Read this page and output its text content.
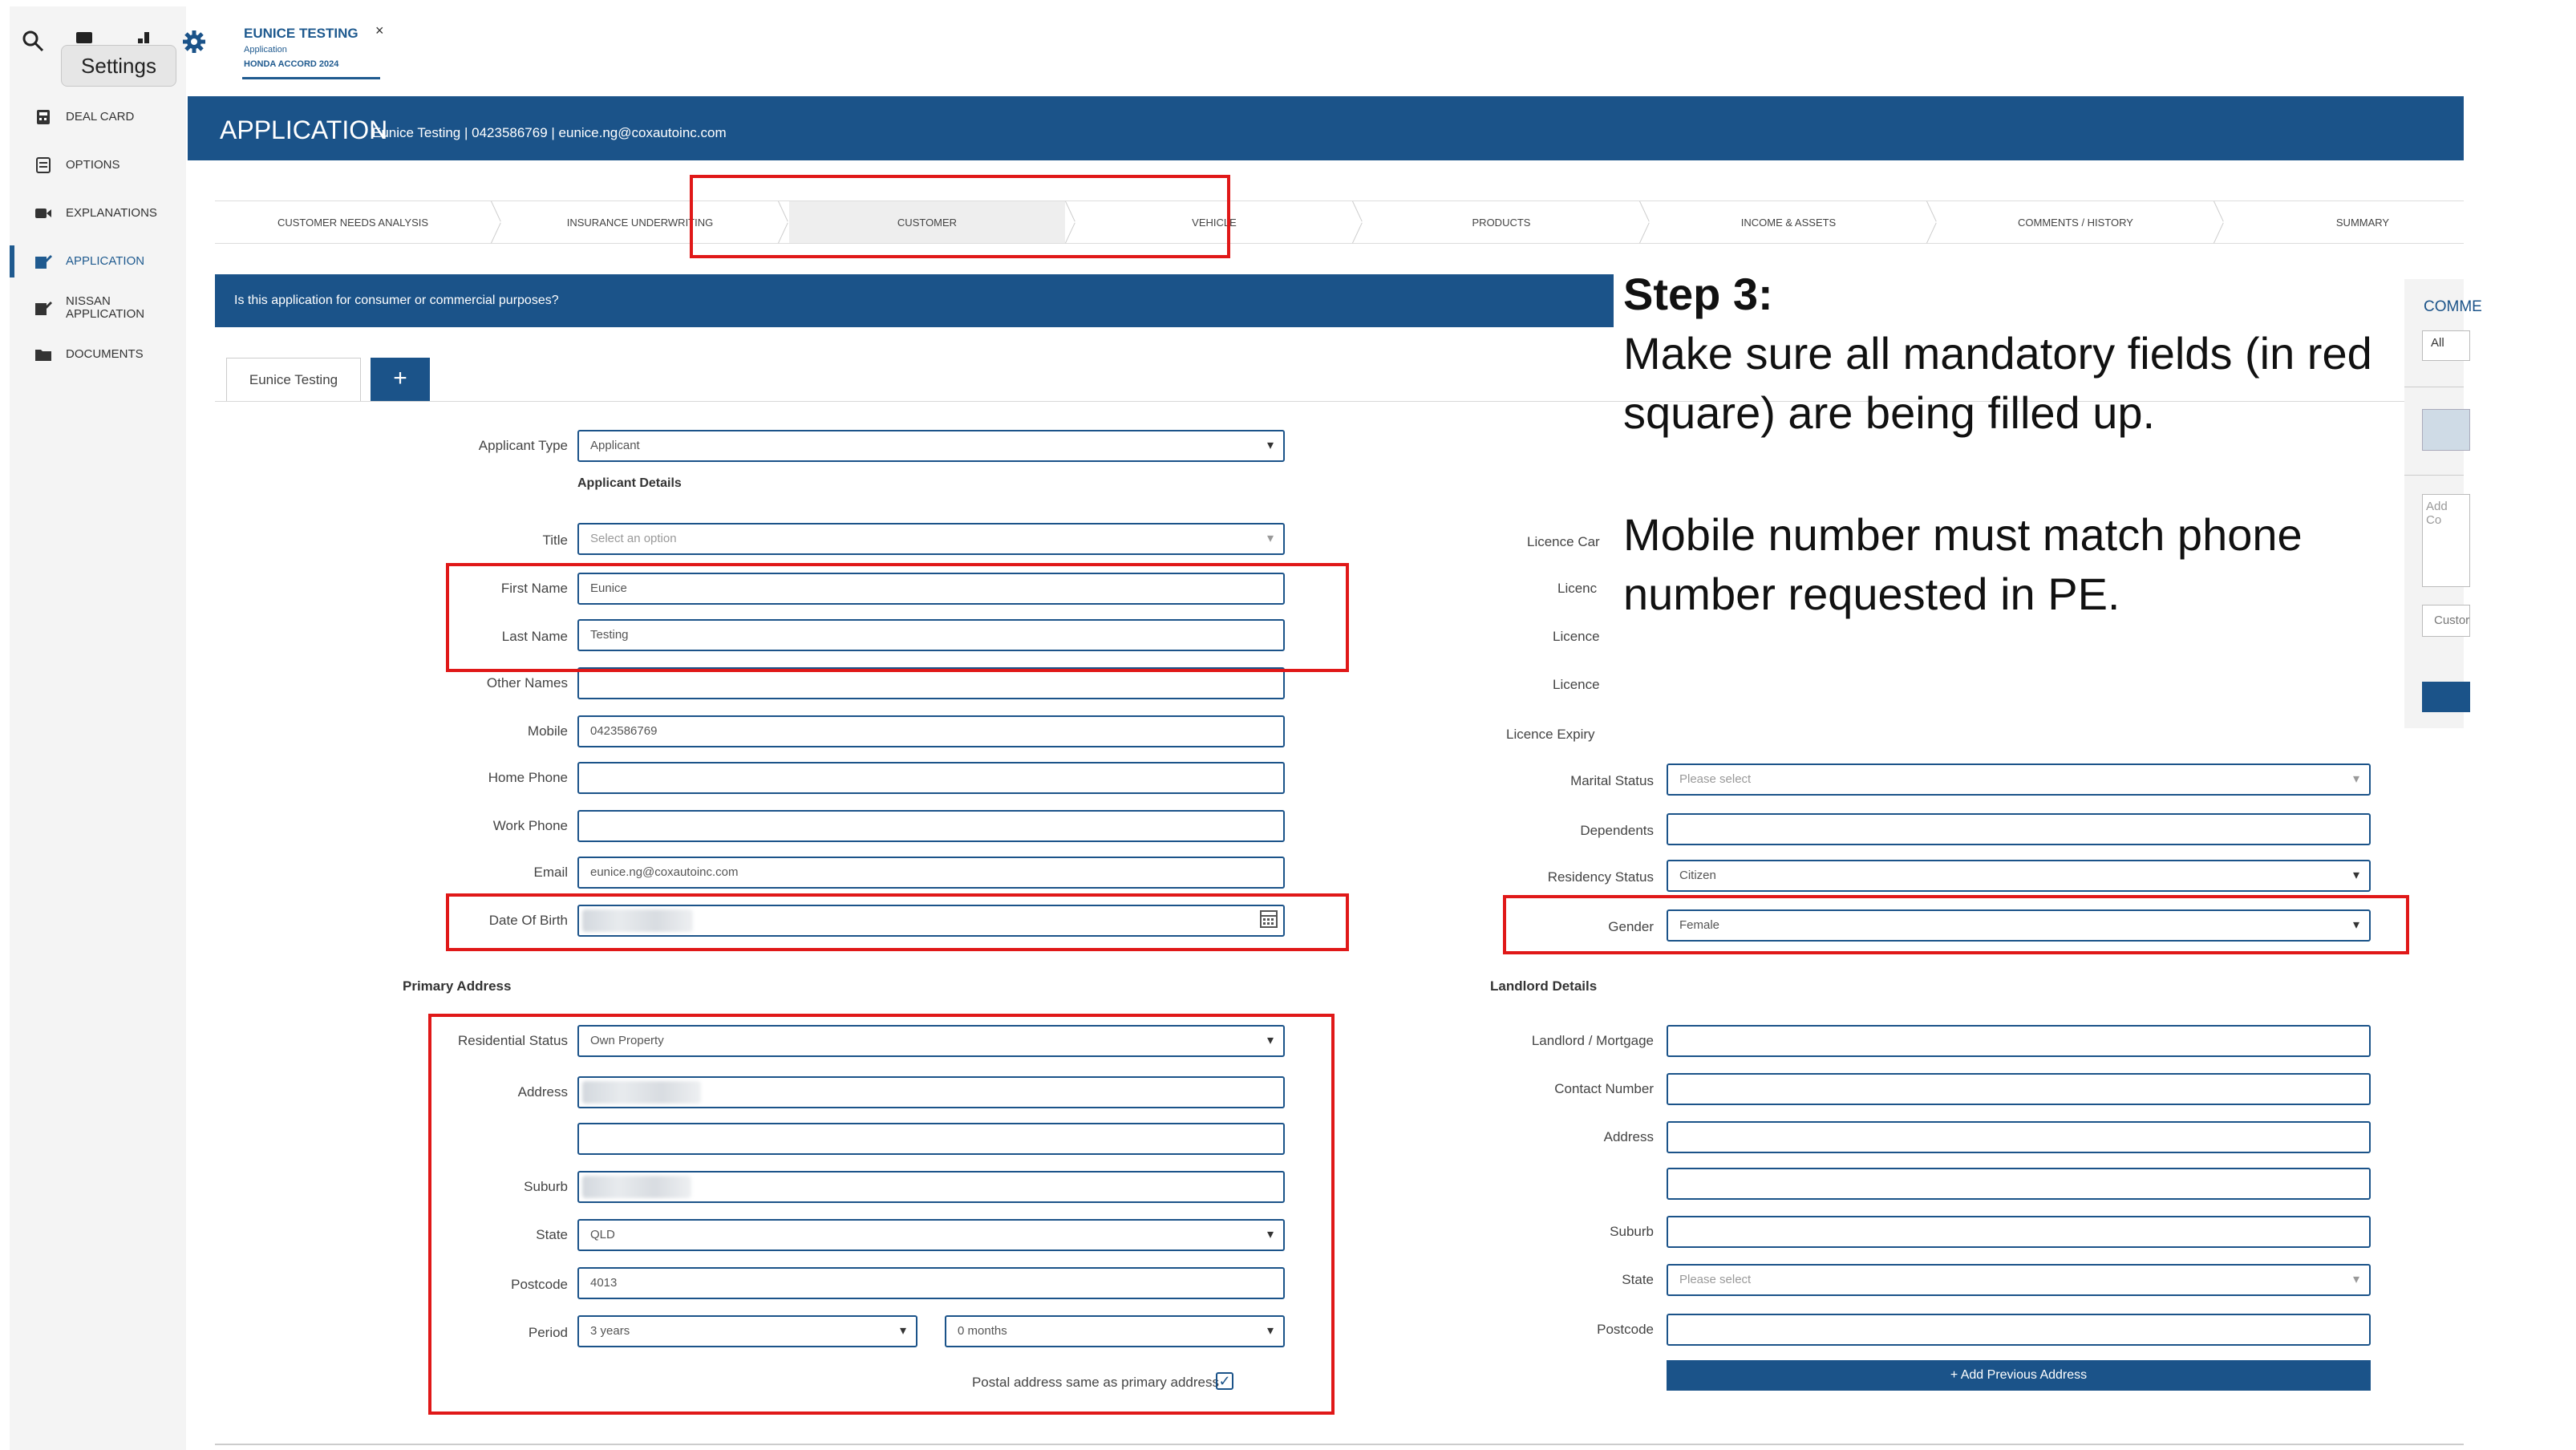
Settings
DEAL CARD
OPTIONS
EXPLANATIONS
APPLICATION
NISSAN APPLICATION
DOCUMENTS
EUNICE TESTING ×
Application
HONDA ACCORD 2024
APPLICATION
Eunice Testing | 0423586769 | eunice.ng@coxautoinc.com
CUSTOMER NEEDS ANALYSIS	INSURANCE UNDERWRITING	CUSTOMER	VEHICLE	PRODUCTS	INCOME & ASSETS	COMMENTS / HISTORY	SUMMARY
Is this application for consumer or commercial purposes?
Eunice Testing	+
Applicant Type	Applicant ▾
Applicant Details
Title	Select an option ▾
First Name	Eunice
Last Name	Testing
Other Names
Mobile	0423586769
Home Phone
Work Phone
Email	eunice.ng@coxautoinc.com
Date Of Birth
Primary Address
Residential Status	Own Property ▾
Address
Suburb
State	QLD ▾
Postcode	4013
Period	3 years ▾	0 months ▾
Postal address same as primary address ✓
Licence Car
Licenc
Licence
Licence
Licence Expiry
Marital Status	Please select ▾
Dependents
Residency Status	Citizen ▾
Gender	Female ▾
Landlord Details
Landlord / Mortgage
Contact Number
Address
Suburb
State	Please select ▾
Postcode
+ Add Previous Address
COMME
All
Add Co
Custor
Step 3:
Make sure all mandatory fields (in red square) are being filled up.
Mobile number must match phone number requested in PE.
